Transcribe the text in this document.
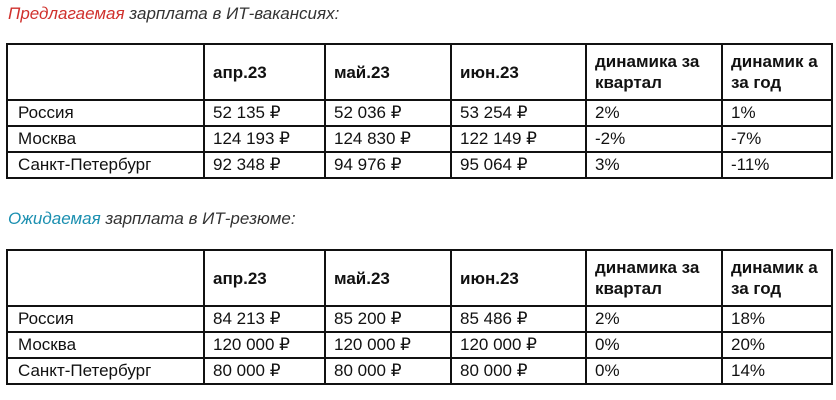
Предлагаемая зарплата в ИТ-вакансиях:
	апр.23	май.23	июн.23	динамика за квартал	динамик а за год
Россия	52 135 ₽	52 036 ₽	53 254 ₽	2%	1%
Москва	124 193 ₽	124 830 ₽	122 149 ₽	-2%	-7%
Санкт-Петербург	92 348 ₽	94 976 ₽	95 064 ₽	3%	-11%
Ожидаемая зарплата в ИТ-резюме:
	апр.23	май.23	июн.23	динамика за квартал	динамик а за год
Россия	84 213 ₽	85 200 ₽	85 486 ₽	2%	18%
Москва	120 000 ₽	120 000 ₽	120 000 ₽	0%	20%
Санкт-Петербург	80 000 ₽	80 000 ₽	80 000 ₽	0%	14%
